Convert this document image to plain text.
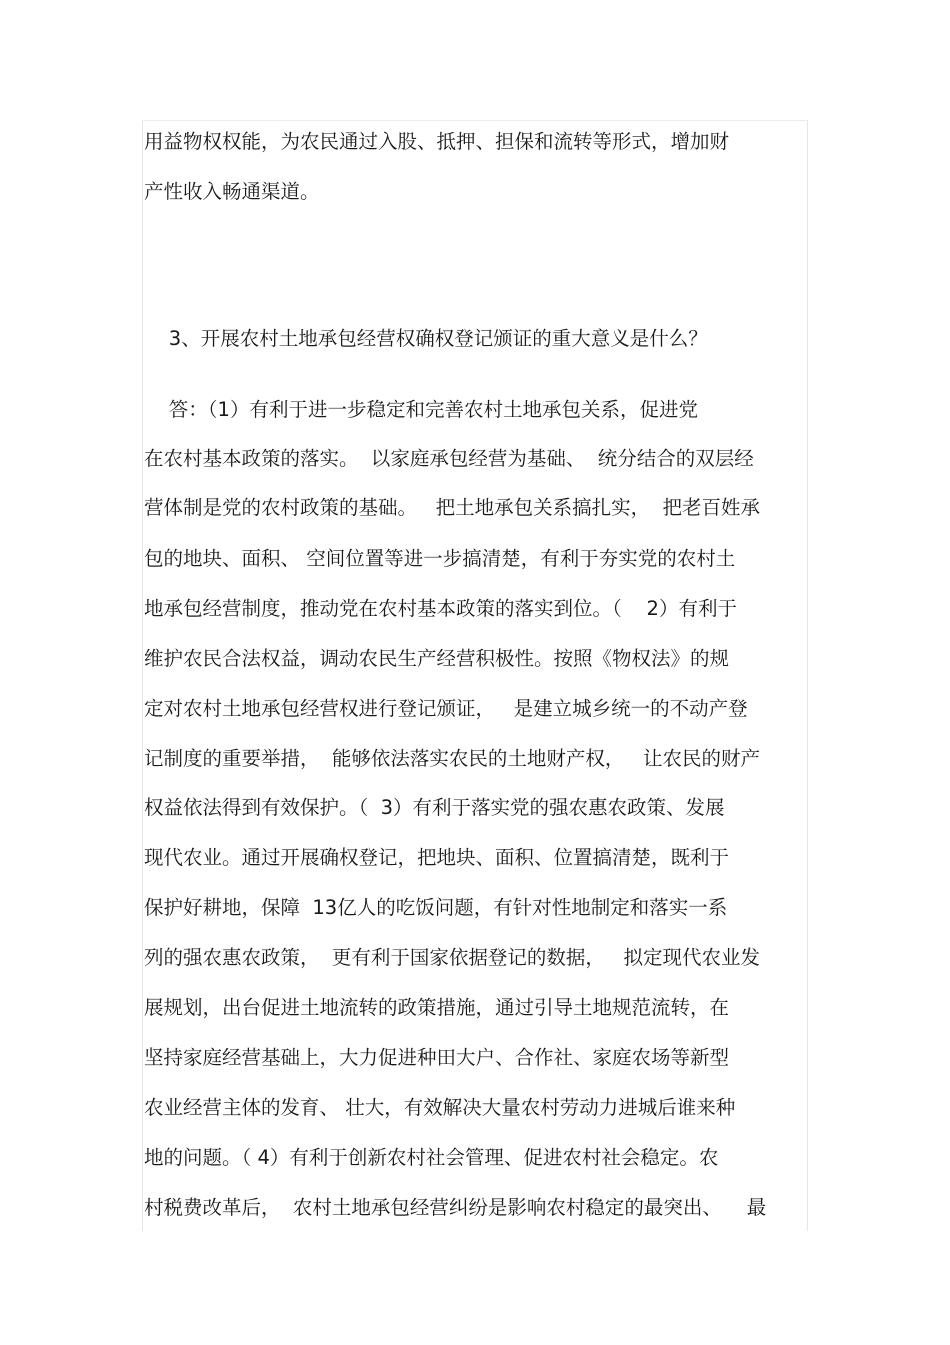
用益物权权能，为农民通过入股、抵押、担保和流转等形式，增加财
产性收入畅通渠道。
3、开展农村土地承包经营权确权登记颁证的重大意义是什么？
答：（1）有利于进一步稳定和完善农村土地承包关系，促进党
在农村基本政策的落实。  以家庭承包经营为基础、  统分结合的双层经
营体制是党的农村政策的基础。   把土地承包关系搞扎实，  把老百姓承
包的地块、面积、 空间位置等进一步搞清楚，有利于夯实党的农村土
地承包经营制度，推动党在农村基本政策的落实到位。（    2）有利于
维护农民合法权益，调动农民生产经营积极性。按照《物权法》的规
定对农村土地承包经营权进行登记颁证，   是建立城乡统一的不动产登
记制度的重要举措，  能够依法落实农民的土地财产权，   让农民的财产
权益依法得到有效保护。（  3）有利于落实党的强农惠农政策、发展
现代农业。通过开展确权登记，把地块、面积、位置搞清楚，既利于
保护好耕地，保障  13亿人的吃饭问题，有针对性地制定和落实一系
列的强农惠农政策，  更有利于国家依据登记的数据，   拟定现代农业发
展规划，出台促进土地流转的政策措施，通过引导土地规范流转，在
坚持家庭经营基础上，大力促进种田大户、合作社、家庭农场等新型
农业经营主体的发育、 壮大，有效解决大量农村劳动力进城后谁来种
地的问题。（ 4）有利于创新农村社会管理、促进农村社会稳定。农
村税费改革后，  农村土地承包经营纠纷是影响农村稳定的最突出、    最
